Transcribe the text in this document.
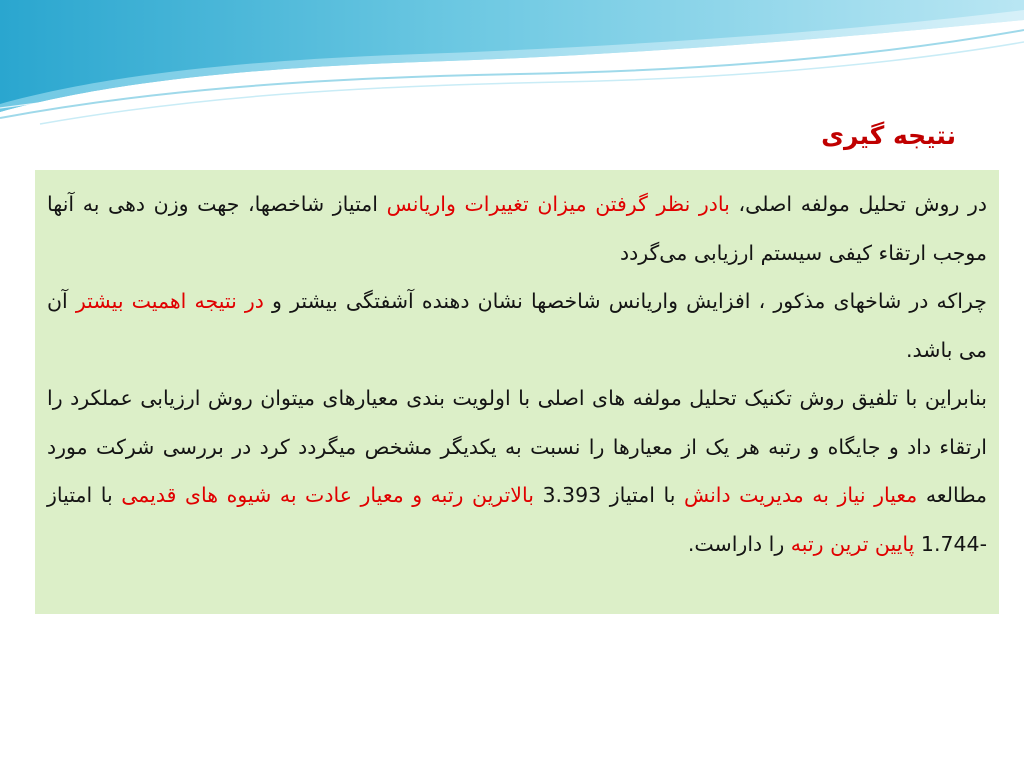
نتیجه گیری

در روش تحلیل مولفه اصلی، بادر نظر گرفتن میزان تغییرات واریانس امتیاز شاخصها، جهت وزن دهی به آنها موجب ارتقاء کیفی سیستم ارزیابی می‌گردد

چراکه در شاخهای مذکور ، افزایش واریانس شاخصها نشان دهنده آشفتگی بیشتر و در نتیجه اهمیت بیشتر آن می باشد.

بنابراین با تلفیق روش تکنیک تحلیل مولفه های اصلی با اولویت بندی معیارهای میتوان روش ارزیابی عملکرد را ارتقاء داد و جایگاه و رتبه هر یک از معیارها را نسبت به یکدیگر مشخص میگردد کرد در بررسی شرکت مورد مطالعه معیار نیاز به مدیریت دانش با امتیاز 3.393 بالاترین رتبه و معیار عادت به شیوه های قدیمی با امتیاز 1.744- پایین ترین رتبه را داراست.
